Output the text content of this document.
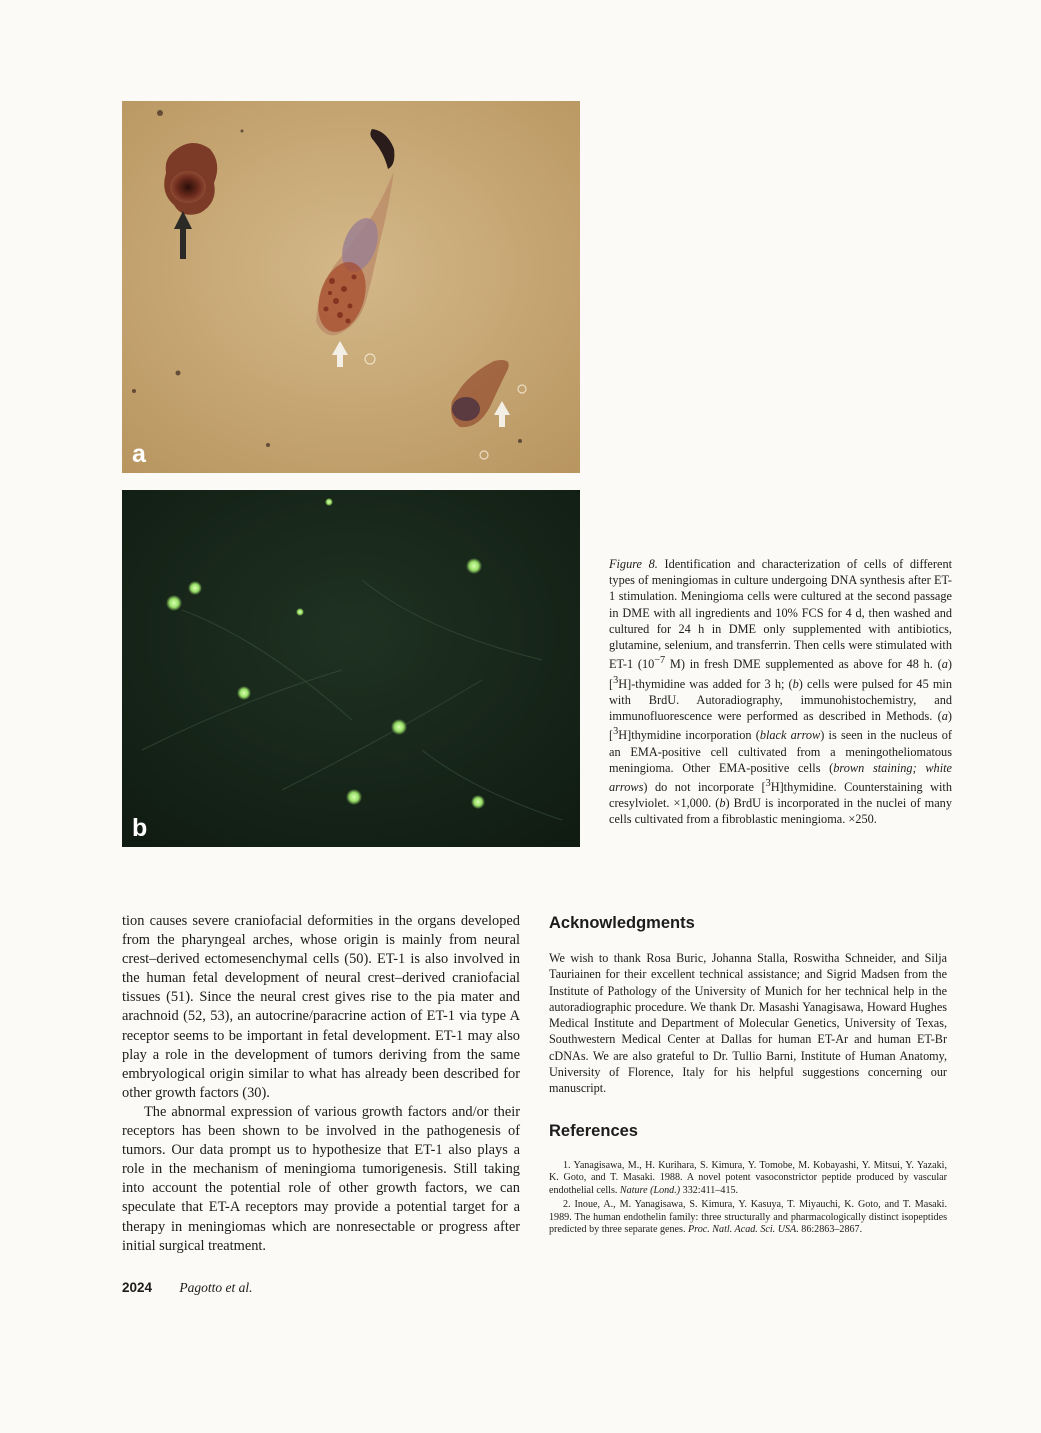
a
b

Figure 8. Identification and characterization of cells of different types of meningiomas in culture undergoing DNA synthesis after ET-1 stimulation. Meningioma cells were cultured at the second passage in DME with all ingredients and 10% FCS for 4 d, then washed and cultured for 24 h in DME only supplemented with antibiotics, glutamine, selenium, and transferrin. Then cells were stimulated with ET-1 ($10^{-7}$ M) in fresh DME supplemented as above for 48 h. (a) [$^3$H]-thymidine was added for 3 h; (b) cells were pulsed for 45 min with BrdU. Autoradiography, immunohistochemistry, and immunofluorescence were performed as described in Methods. (a) [$^3$H]thymidine incorporation (black arrow) is seen in the nucleus of an EMA-positive cell cultivated from a meningotheliomatous meningioma. Other EMA-positive cells (brown staining; white arrows) do not incorporate [$^3$H]thymidine. Counterstaining with cresylviolet. ×1,000. (b) BrdU is incorporated in the nuclei of many cells cultivated from a fibroblastic meningioma. ×250.

tion causes severe craniofacial deformities in the organs developed from the pharyngeal arches, whose origin is mainly from neural crest–derived ectomesenchymal cells (50). ET-1 is also involved in the human fetal development of neural crest–derived craniofacial tissues (51). Since the neural crest gives rise to the pia mater and arachnoid (52, 53), an autocrine/paracrine action of ET-1 via type A receptor seems to be important in fetal development. ET-1 may also play a role in the development of tumors deriving from the same embryological origin similar to what has already been described for other growth factors (30).

The abnormal expression of various growth factors and/or their receptors has been shown to be involved in the pathogenesis of tumors. Our data prompt us to hypothesize that ET-1 also plays a role in the mechanism of meningioma tumorigenesis. Still taking into account the potential role of other growth factors, we can speculate that ET-A receptors may provide a potential target for a therapy in meningiomas which are nonresectable or progress after initial surgical treatment.

Acknowledgments

We wish to thank Rosa Buric, Johanna Stalla, Roswitha Schneider, and Silja Tauriainen for their excellent technical assistance; and Sigrid Madsen from the Institute of Pathology of the University of Munich for her technical help in the autoradiographic procedure. We thank Dr. Masashi Yanagisawa, Howard Hughes Medical Institute and Department of Molecular Genetics, University of Texas, Southwestern Medical Center at Dallas for human ET-Ar and human ET-Br cDNAs. We are also grateful to Dr. Tullio Barni, Institute of Human Anatomy, University of Florence, Italy for his helpful suggestions concerning our manuscript.

References
1. Yanagisawa, M., H. Kurihara, S. Kimura, Y. Tomobe, M. Kobayashi, Y. Mitsui, Y. Yazaki, K. Goto, and T. Masaki. 1988. A novel potent vasoconstrictor peptide produced by vascular endothelial cells. Nature (Lond.) 332:411–415.
2. Inoue, A., M. Yanagisawa, S. Kimura, Y. Kasuya, T. Miyauchi, K. Goto, and T. Masaki. 1989. The human endothelin family: three structurally and pharmacologically distinct isopeptides predicted by three separate genes. Proc. Natl. Acad. Sci. USA. 86:2863–2867.
2024 Pagotto et al.
